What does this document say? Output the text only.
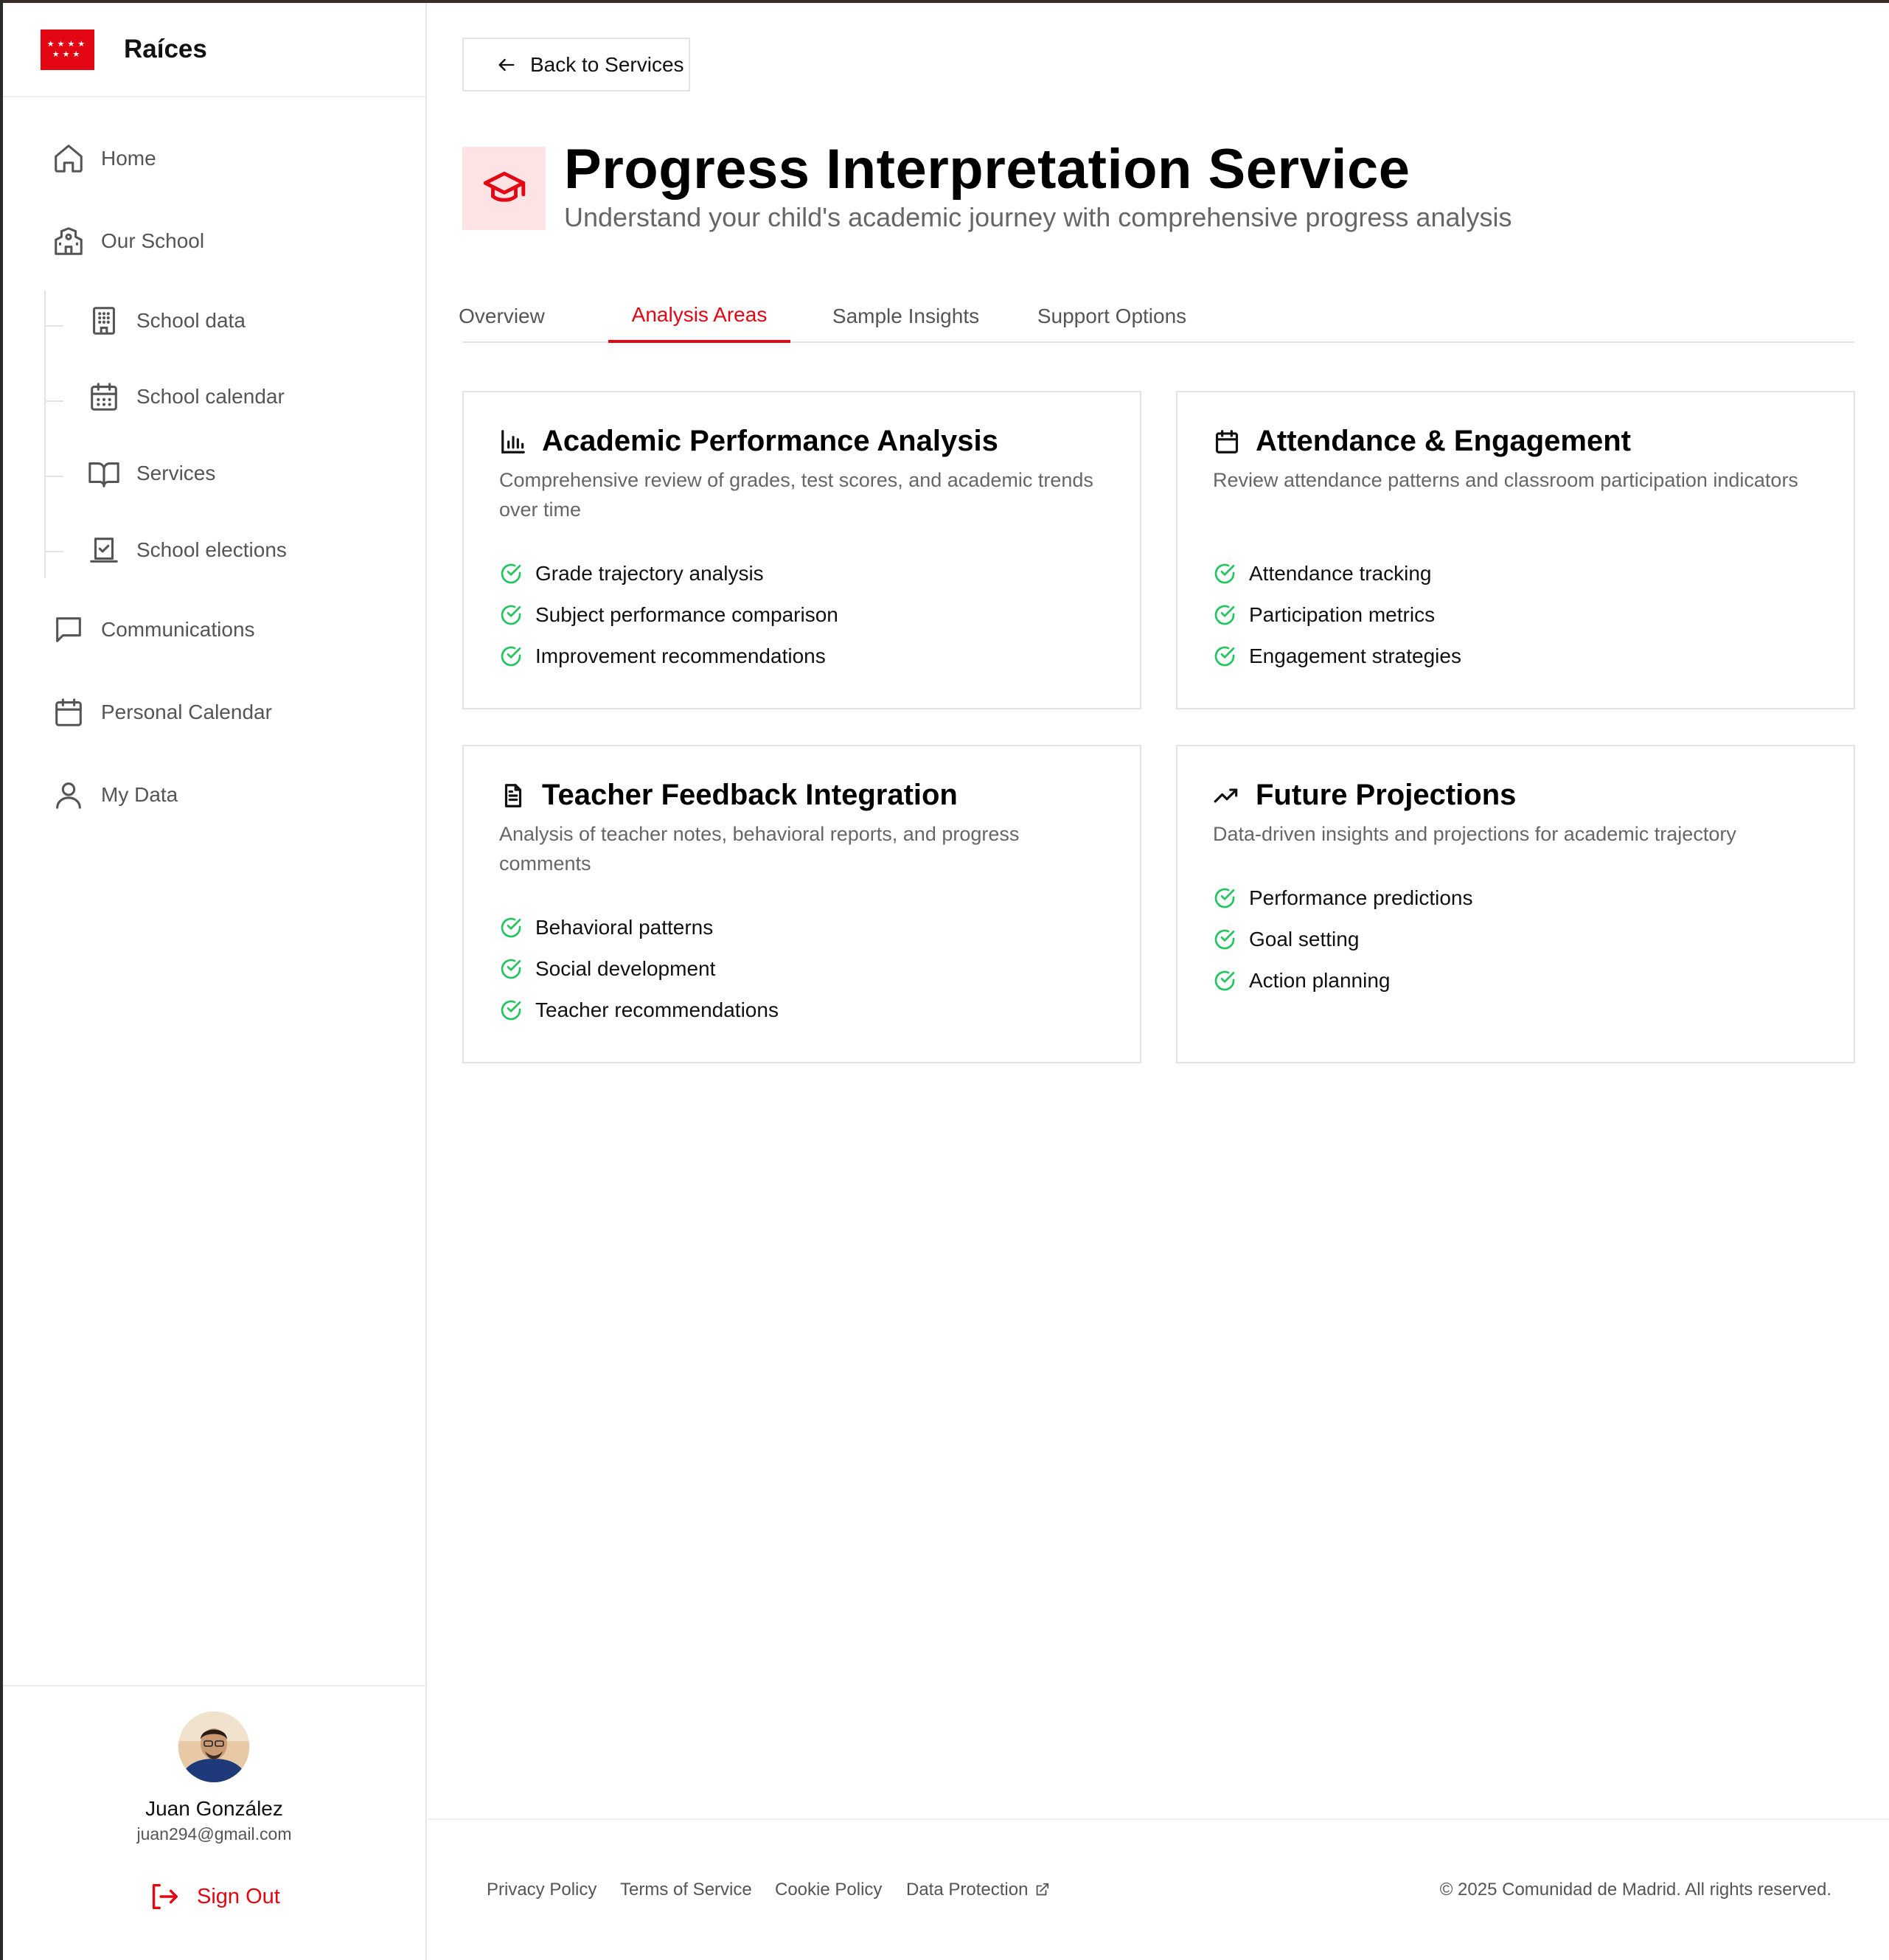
★★★★
★★★ Raíces
Home
Our School
School data
School calendar
Services
School elections
Communications
Personal Calendar
My Data
Juan González
juan294@gmail.com
Sign Out
Back to Services
Progress Interpretation Service

Understand your child's academic journey with comprehensive progress analysis

Overview	Analysis Areas	Sample Insights	Support Options
Academic Performance Analysis
Comprehensive review of grades, test scores, and academic trends over time
Grade trajectory analysis
Subject performance comparison
Improvement recommendations
Attendance & Engagement
Review attendance patterns and classroom participation indicators
Attendance tracking
Participation metrics
Engagement strategies
Teacher Feedback Integration
Analysis of teacher notes, behavioral reports, and progress comments
Behavioral patterns
Social development
Teacher recommendations
Future Projections
Data-driven insights and projections for academic trajectory
Performance predictions
Goal setting
Action planning
Privacy Policy Terms of Service Cookie Policy Data Protection	© 2025 Comunidad de Madrid. All rights reserved.
